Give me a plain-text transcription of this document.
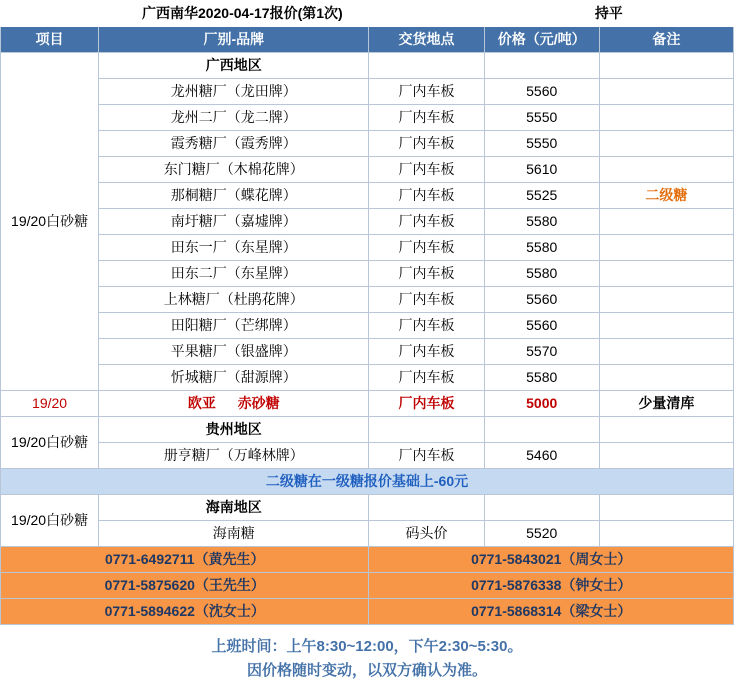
广西南华2020-04-17报价(第1次)			持平	
项目	厂别-品牌	交货地点	价格（元/吨）	备注
19/20白砂糖	广西地区			
	龙州糖厂（龙田牌）	厂内车板	5560	
	龙州二厂（龙二牌）	厂内车板	5550	
	霞秀糖厂（霞秀牌）	厂内车板	5550	
	东门糖厂（木棉花牌）	厂内车板	5610	
	那桐糖厂（蝶花牌）	厂内车板	5525	二级糖
	南圩糖厂（嘉墟牌）	厂内车板	5580	
	田东一厂（东星牌）	厂内车板	5580	
	田东二厂（东星牌）	厂内车板	5580	
	上林糖厂（杜鹃花牌）	厂内车板	5560	
	田阳糖厂（芒绑牌）	厂内车板	5560	
	平果糖厂（银盛牌）	厂内车板	5570	
	忻城糖厂（甜源牌）	厂内车板	5580	
19/20	欧亚 赤砂糖	厂内车板	5000	少量清库
19/20白砂糖	贵州地区			
	册亨糖厂（万峰林牌）	厂内车板	5460	
二级糖在一级糖报价基础上-60元				
19/20白砂糖	海南地区			
	海南糖	码头价	5520	
0771-6492711（黄先生）		0771-5843021（周女士）		
0771-5875620（王先生）		0771-5876338（钟女士）		
0771-5894622（沈女士）		0771-5868314（梁女士）		
上班时间：上午8:30~12:00，下午2:30~5:30。
因价格随时变动，以双方确认为准。
